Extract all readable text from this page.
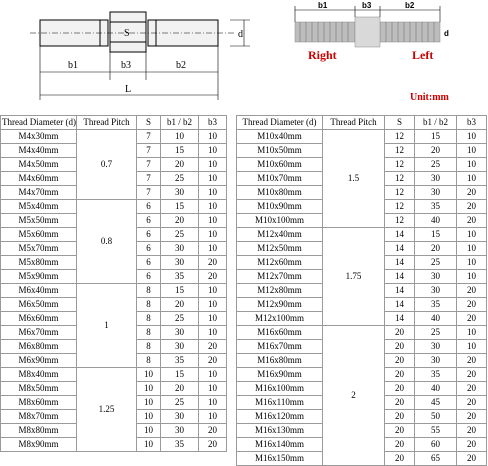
S	d
b1	b3	b2
L
b1	b3	b2
d
Right	Left
Unit:mm
Thread Diameter (d)	Thread Pitch	S	b1 / b2	b3
M4x30mm	0.7	7	10	10
M4x40mm		7	15	10
M4x50mm		7	20	10
M4x60mm		7	25	10
M4x70mm		7	30	10
M5x40mm	0.8	6	15	10
M5x50mm		6	20	10
M5x60mm		6	25	10
M5x70mm		6	30	10
M5x80mm		6	30	20
M5x90mm		6	35	20
M6x40mm	1	8	15	10
M6x50mm		8	20	10
M6x60mm		8	25	10
M6x70mm		8	30	10
M6x80mm		8	30	20
M6x90mm		8	35	20
M8x40mm	1.25	10	15	10
M8x50mm		10	20	10
M8x60mm		10	25	10
M8x70mm		10	30	10
M8x80mm		10	30	20
M8x90mm		10	35	20
Thread Diameter (d)	Thread Pitch	S	b1 / b2	b3
M10x40mm	1.5	12	15	10
M10x50mm		12	20	10
M10x60mm		12	25	10
M10x70mm		12	30	10
M10x80mm		12	30	20
M10x90mm		12	35	20
M10x100mm		12	40	20
M12x40mm	1.75	14	15	10
M12x50mm		14	20	10
M12x60mm		14	25	10
M12x70mm		14	30	10
M12x80mm		14	30	20
M12x90mm		14	35	20
M12x100mm		14	40	20
M16x60mm	2	20	25	10
M16x70mm		20	30	10
M16x80mm		20	30	20
M16x90mm		20	35	20
M16x100mm		20	40	20
M16x110mm		20	45	20
M16x120mm		20	50	20
M16x130mm		20	55	20
M16x140mm		20	60	20
M16x150mm		20	65	20
